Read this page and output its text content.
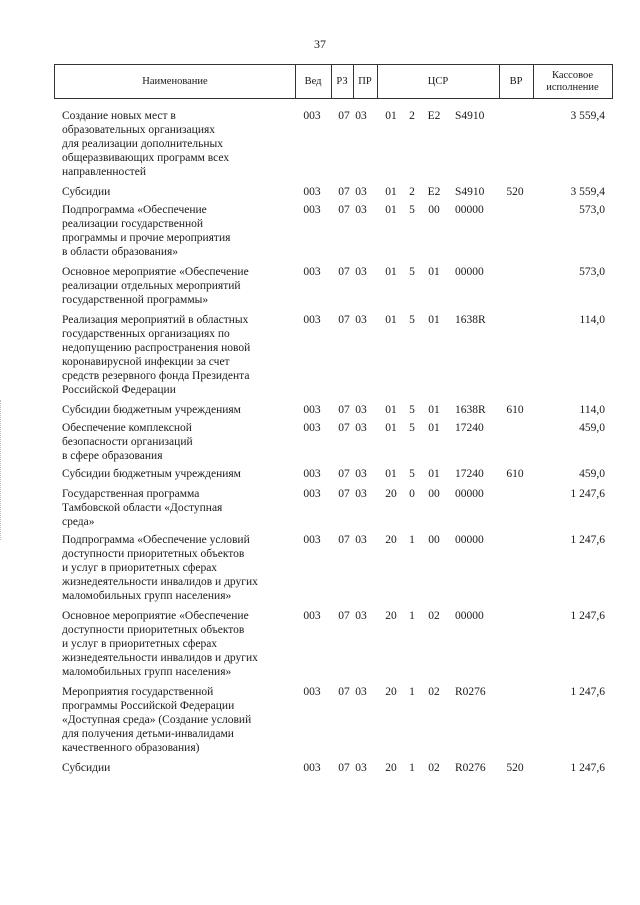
37
Наименование	Вед	РЗ	ПР	ЦСР	ВР
Кассовое
исполнение
Создание новых мест в
образовательных организациях
для реализации дополнительных
общеразвивающих программ всех
направленностей
003	07 03 01 2 E2 S4910	3 559,4
Субсидии	003	07 03 01 2 E2 S4910	520	3 559,4
Подпрограмма «Обеспечение
реализации государственной
программы и прочие мероприятия
в области образования»
003	07 03 01 5 00 00000	573,0
Основное мероприятие «Обеспечение
реализации отдельных мероприятий
государственной программы»
003	07 03 01 5 01 00000	573,0
Реализация мероприятий в областных
государственных организациях по
недопущению распространения новой
коронавирусной инфекции за счет
средств резервного фонда Президента
Российской Федерации
003	07 03 01 5 01 1638R	114,0
Субсидии бюджетным учреждениям	003	07 03 01 5 01 1638R	610	114,0
Обеспечение комплексной
безопасности организаций
в сфере образования
003	07 03 01 5 01 17240	459,0
Субсидии бюджетным учреждениям	003	07 03 01 5 01 17240	610	459,0
Государственная программа
Тамбовской области «Доступная
среда»
003	07 03 20 0 00 00000	1 247,6
Подпрограмма «Обеспечение условий
доступности приоритетных объектов
и услуг в приоритетных сферах
жизнедеятельности инвалидов и других
маломобильных групп населения»
003	07 03 20 1 00 00000	1 247,6
Основное мероприятие «Обеспечение
доступности приоритетных объектов
и услуг в приоритетных сферах
жизнедеятельности инвалидов и других
маломобильных групп населения»
003	07 03 20 1 02 00000	1 247,6
Мероприятия государственной
программы Российской Федерации
«Доступная среда» (Создание условий
для получения детьми-инвалидами
качественного образования)
003	07 03 20 1 02 R0276	1 247,6
Субсидии	003	07 03 20 1 02 R0276	520	1 247,6
